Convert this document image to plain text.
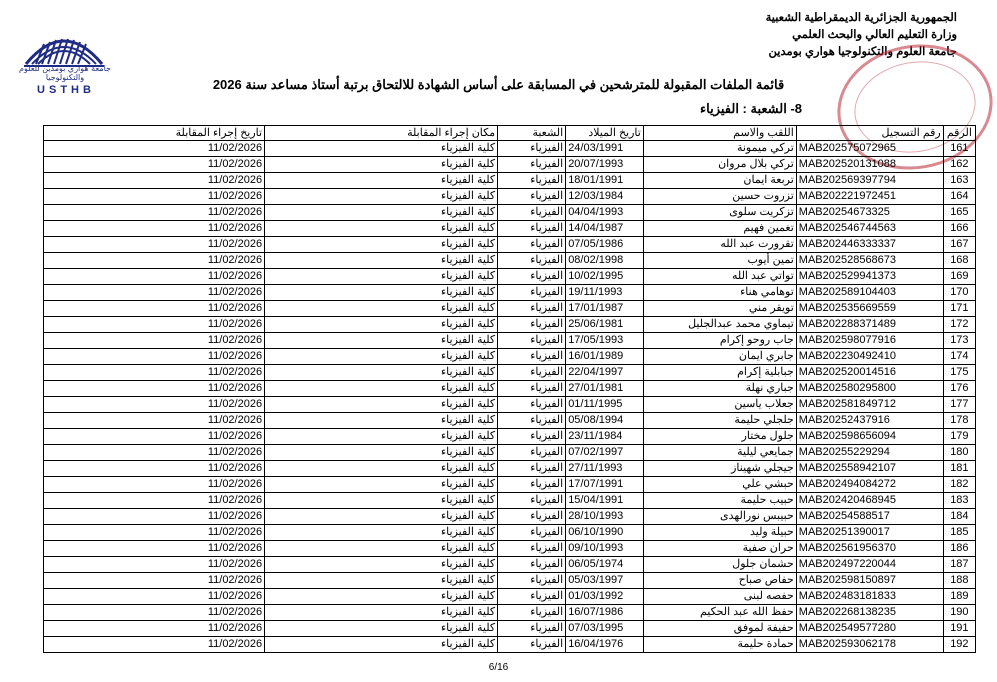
جامعة هواري بومدين للعلوم والتكنولوجيا
USTHB
الجمهورية الجزائرية الديمقراطية الشعبية
وزارة التعليم العالي والبحث العلمي
جامعة العلوم والتكنولوجيا هواري بومدين
قائمة الملفات المقبولة للمترشحين في المسابقة على أساس الشهادة للالتحاق برتبة أستاذ مساعد سنة 2026
8- الشعبة : الفيزياء
الرقم	رقم التسجيل	اللقب والاسم	تاريخ الميلاد	الشعبة	مكان إجراء المقابلة	تاريخ إجراء المقابلة
161	MAB202575072965	تركي ميمونة	24/03/1991	الفيزياء	كلية الفيزياء	11/02/2026
162	MAB202520131088	تركي بلال مروان	20/07/1993	الفيزياء	كلية الفيزياء	11/02/2026
163	MAB202569397794	تربعة ايمان	18/01/1991	الفيزياء	كلية الفيزياء	11/02/2026
164	MAB202221972451	تزروت حسين	12/03/1984	الفيزياء	كلية الفيزياء	11/02/2026
165	MAB20254673325	تزكريت سلوى	04/04/1993	الفيزياء	كلية الفيزياء	11/02/2026
166	MAB202546744563	تغمين فهيم	14/04/1987	الفيزياء	كلية الفيزياء	11/02/2026
167	MAB202446333337	تقرورت عبد الله	07/05/1986	الفيزياء	كلية الفيزياء	11/02/2026
168	MAB202528568673	تمين أيوب	08/02/1998	الفيزياء	كلية الفيزياء	11/02/2026
169	MAB202529941373	تواتي عبد الله	10/02/1995	الفيزياء	كلية الفيزياء	11/02/2026
170	MAB202589104403	توهامي هناء	19/11/1993	الفيزياء	كلية الفيزياء	11/02/2026
171	MAB202535669559	تويقر مني	17/01/1987	الفيزياء	كلية الفيزياء	11/02/2026
172	MAB202288371489	تيماوي محمد عبدالجليل	25/06/1981	الفيزياء	كلية الفيزياء	11/02/2026
173	MAB202598077916	جاب روحو إكرام	17/05/1993	الفيزياء	كلية الفيزياء	11/02/2026
174	MAB202230492410	جابري ايمان	16/01/1989	الفيزياء	كلية الفيزياء	11/02/2026
175	MAB202520014516	جبابلية إكرام	22/04/1997	الفيزياء	كلية الفيزياء	11/02/2026
176	MAB202580295800	جباري نهلة	27/01/1981	الفيزياء	كلية الفيزياء	11/02/2026
177	MAB202581849712	جعلاب ياسين	01/11/1995	الفيزياء	كلية الفيزياء	11/02/2026
178	MAB20252437916	جلجلي حليمة	05/08/1994	الفيزياء	كلية الفيزياء	11/02/2026
179	MAB202598656094	جلول مختار	23/11/1984	الفيزياء	كلية الفيزياء	11/02/2026
180	MAB20255229294	جمايعي ليلية	07/02/1997	الفيزياء	كلية الفيزياء	11/02/2026
181	MAB202558942107	جيجلي شهيناز	27/11/1993	الفيزياء	كلية الفيزياء	11/02/2026
182	MAB202494084272	حبشي علي	17/07/1991	الفيزياء	كلية الفيزياء	11/02/2026
183	MAB202420468945	حبيب حليمة	15/04/1991	الفيزياء	كلية الفيزياء	11/02/2026
184	MAB20254588517	حبيبس نورالهدى	28/10/1993	الفيزياء	كلية الفيزياء	11/02/2026
185	MAB20251390017	حبيلة وليد	06/10/1990	الفيزياء	كلية الفيزياء	11/02/2026
186	MAB202561956370	حران صفية	09/10/1993	الفيزياء	كلية الفيزياء	11/02/2026
187	MAB202497220044	حشمان جلول	06/05/1974	الفيزياء	كلية الفيزياء	11/02/2026
188	MAB202598150897	حفاص صباح	05/03/1997	الفيزياء	كلية الفيزياء	11/02/2026
189	MAB202483181833	حفصه لبنى	01/03/1992	الفيزياء	كلية الفيزياء	11/02/2026
190	MAB202268138235	حفظ الله عبد الحكيم	16/07/1986	الفيزياء	كلية الفيزياء	11/02/2026
191	MAB202549577280	حفيفة لموفق	07/03/1995	الفيزياء	كلية الفيزياء	11/02/2026
192	MAB202593062178	حمادة حليمة	16/04/1976	الفيزياء	كلية الفيزياء	11/02/2026
6/16
